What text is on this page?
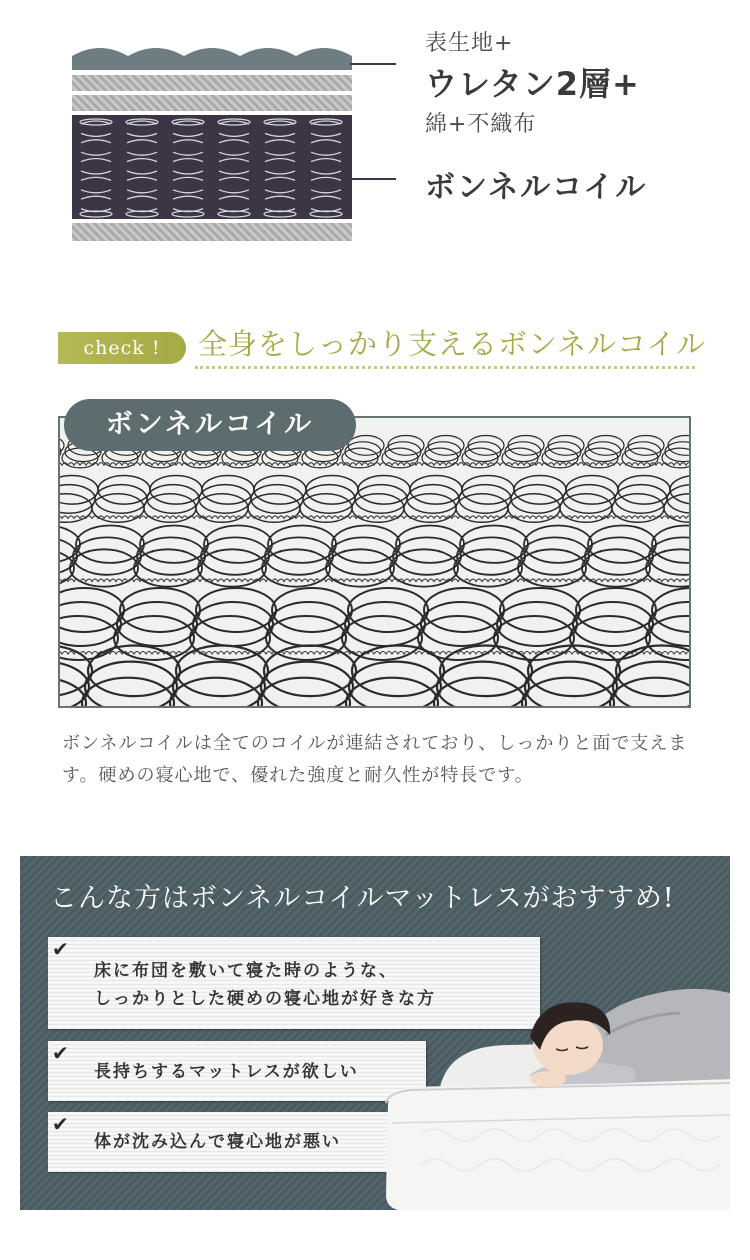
表生地+
ウレタン2層+
綿+不織布
ボンネルコイル
check !	全身をしっかり支えるボンネルコイル
ボンネルコイル
ボンネルコイルは全てのコイルが連結されており、しっかりと面で支えます。硬めの寝心地で、優れた強度と耐久性が特長です。
こんな方はボンネルコイルマットレスがおすすめ!
✔
床に布団を敷いて寝た時のような、
しっかりとした硬めの寝心地が好きな方
✔
長持ちするマットレスが欲しい
✔
体が沈み込んで寝心地が悪い
